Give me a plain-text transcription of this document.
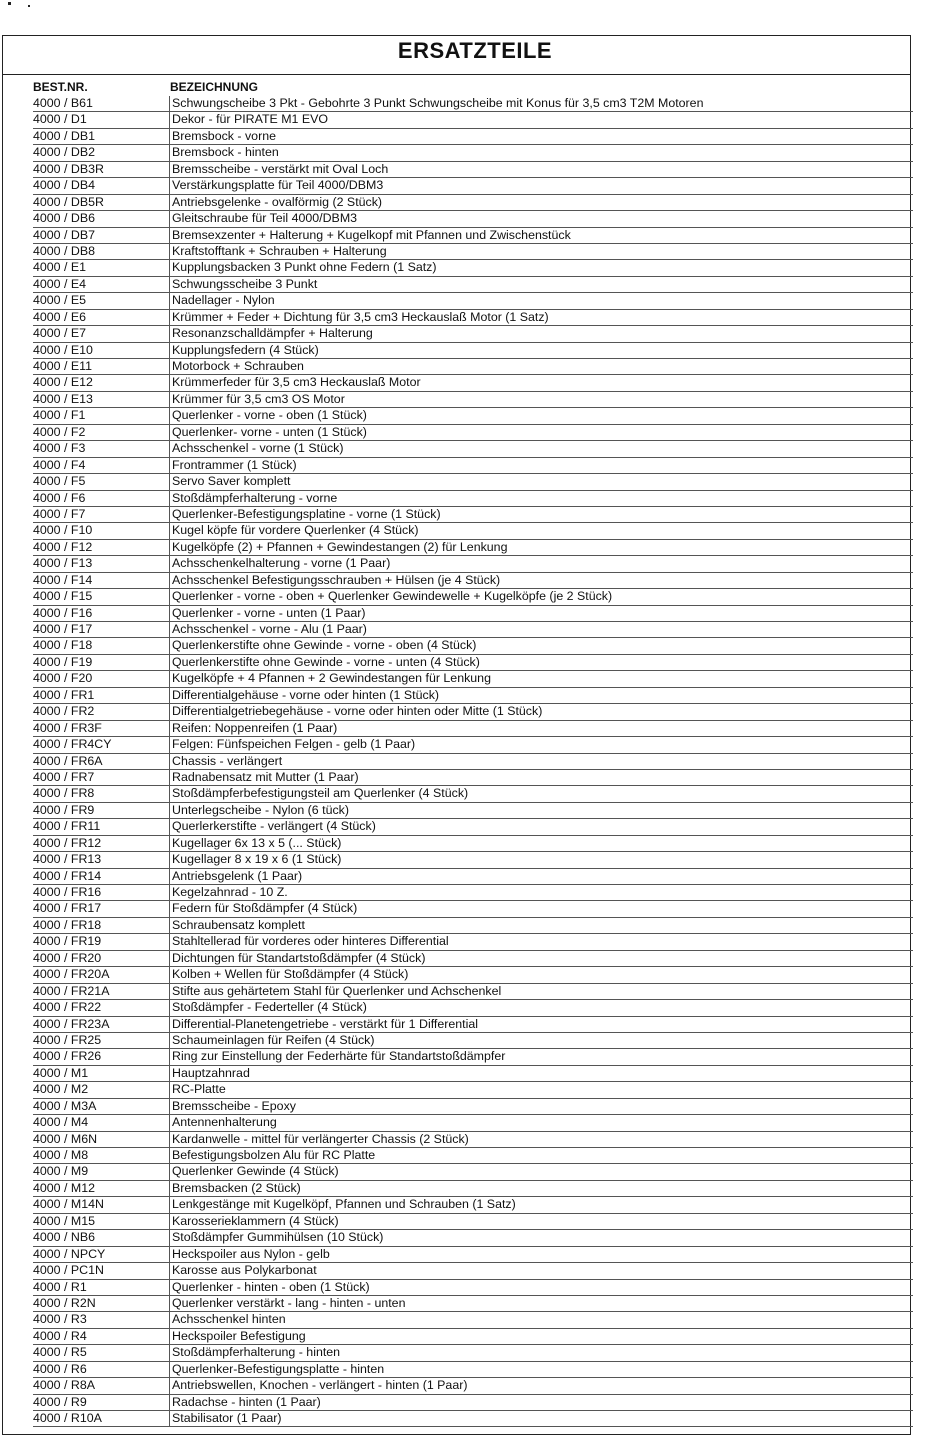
ERSATZTEILE
BEST.NR.	BEZEICHNUNG
4000 / B61	Schwungscheibe 3 Pkt - Gebohrte 3 Punkt Schwungscheibe mit Konus für 3,5 cm3 T2M Motoren
4000 / D1	Dekor - für PIRATE M1 EVO
4000 / DB1	Bremsbock - vorne
4000 / DB2	Bremsbock - hinten
4000 / DB3R	Bremsscheibe - verstärkt mit Oval Loch
4000 / DB4	Verstärkungsplatte für Teil 4000/DBM3
4000 / DB5R	Antriebsgelenke - ovalförmig (2 Stück)
4000 / DB6	Gleitschraube für Teil 4000/DBM3
4000 / DB7	Bremsexzenter + Halterung + Kugelkopf mit Pfannen und Zwischenstück
4000 / DB8	Kraftstofftank + Schrauben + Halterung
4000 / E1	Kupplungsbacken 3 Punkt ohne Federn (1 Satz)
4000 / E4	Schwungsscheibe 3 Punkt
4000 / E5	Nadellager - Nylon
4000 / E6	Krümmer + Feder + Dichtung für 3,5 cm3 Heckauslaß Motor (1 Satz)
4000 / E7	Resonanzschalldämpfer + Halterung
4000 / E10	Kupplungsfedern (4 Stück)
4000 / E11	Motorbock + Schrauben
4000 / E12	Krümmerfeder für 3,5 cm3 Heckauslaß Motor
4000 / E13	Krümmer für 3,5 cm3 OS Motor
4000 / F1	Querlenker - vorne - oben (1 Stück)
4000 / F2	Querlenker- vorne - unten (1 Stück)
4000 / F3	Achsschenkel - vorne (1 Stück)
4000 / F4	Frontrammer (1 Stück)
4000 / F5	Servo Saver komplett
4000 / F6	Stoßdämpferhalterung - vorne
4000 / F7	Querlenker-Befestigungsplatine - vorne (1 Stück)
4000 / F10	Kugel köpfe für vordere Querlenker (4 Stück)
4000 / F12	Kugelköpfe (2) + Pfannen + Gewindestangen (2) für Lenkung
4000 / F13	Achsschenkelhalterung - vorne (1 Paar)
4000 / F14	Achsschenkel Befestigungsschrauben + Hülsen (je 4 Stück)
4000 / F15	Querlenker - vorne - oben + Querlenker Gewindewelle + Kugelköpfe (je 2 Stück)
4000 / F16	Querlenker - vorne - unten (1 Paar)
4000 / F17	Achsschenkel - vorne - Alu (1 Paar)
4000 / F18	Querlenkerstifte ohne Gewinde - vorne - oben (4 Stück)
4000 / F19	Querlenkerstifte ohne Gewinde - vorne - unten (4 Stück)
4000 / F20	Kugelköpfe + 4 Pfannen + 2 Gewindestangen für Lenkung
4000 / FR1	Differentialgehäuse - vorne oder hinten (1 Stück)
4000 / FR2	Differentialgetriebegehäuse - vorne oder hinten oder Mitte (1 Stück)
4000 / FR3F	Reifen: Noppenreifen (1 Paar)
4000 / FR4CY	Felgen: Fünfspeichen Felgen - gelb (1 Paar)
4000 / FR6A	Chassis - verlängert
4000 / FR7	Radnabensatz mit Mutter (1 Paar)
4000 / FR8	Stoßdämpferbefestigungsteil am Querlenker (4 Stück)
4000 / FR9	Unterlegscheibe - Nylon (6 tück)
4000 / FR11	Querlerkerstifte - verlängert (4 Stück)
4000 / FR12	Kugellager 6x 13 x 5 (... Stück)
4000 / FR13	Kugellager 8 x 19 x 6 (1 Stück)
4000 / FR14	Antriebsgelenk (1 Paar)
4000 / FR16	Kegelzahnrad - 10 Z.
4000 / FR17	Federn für Stoßdämpfer (4 Stück)
4000 / FR18	Schraubensatz komplett
4000 / FR19	Stahltellerad für vorderes oder hinteres Differential
4000 / FR20	Dichtungen für Standartstoßdämpfer (4 Stück)
4000 / FR20A	Kolben + Wellen für Stoßdämpfer (4 Stück)
4000 / FR21A	Stifte aus gehärtetem Stahl für Querlenker und Achschenkel
4000 / FR22	Stoßdämpfer - Federteller (4 Stück)
4000 / FR23A	Differential-Planetengetriebe - verstärkt für 1 Differential
4000 / FR25	Schaumeinlagen für Reifen (4 Stück)
4000 / FR26	Ring zur Einstellung der Federhärte für Standartstoßdämpfer
4000 / M1	Hauptzahnrad
4000 / M2	RC-Platte
4000 / M3A	Bremsscheibe - Epoxy
4000 / M4	Antennenhalterung
4000 / M6N	Kardanwelle - mittel für verlängerter Chassis (2 Stück)
4000 / M8	Befestigungsbolzen Alu für RC Platte
4000 / M9	Querlenker Gewinde (4 Stück)
4000 / M12	Bremsbacken (2 Stück)
4000 / M14N	Lenkgestänge mit Kugelköpf, Pfannen und Schrauben (1 Satz)
4000 / M15	Karosserieklammern (4 Stück)
4000 / NB6	Stoßdämpfer Gummihülsen (10 Stück)
4000 / NPCY	Heckspoiler aus Nylon - gelb
4000 / PC1N	Karosse aus Polykarbonat
4000 / R1	Querlenker - hinten - oben (1 Stück)
4000 / R2N	Querlenker verstärkt - lang - hinten - unten
4000 / R3	Achsschenkel hinten
4000 / R4	Heckspoiler Befestigung
4000 / R5	Stoßdämpferhalterung - hinten
4000 / R6	Querlenker-Befestigungsplatte - hinten
4000 / R8A	Antriebswellen, Knochen - verlängert - hinten (1 Paar)
4000 / R9	Radachse - hinten (1 Paar)
4000 / R10A	Stabilisator (1 Paar)
